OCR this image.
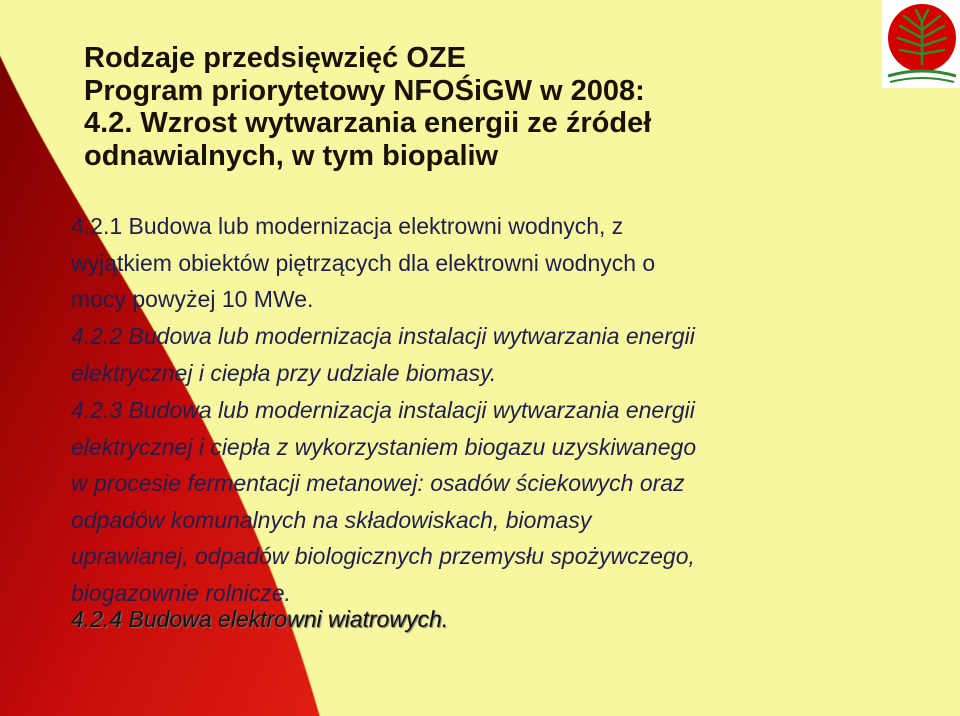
Rodzaje przedsięwzięć OZE
Program priorytetowy NFOŚiGW w 2008:
4.2. Wzrost wytwarzania energii ze źródeł
odnawialnych, w tym biopaliw

4.2.1 Budowa lub modernizacja elektrowni wodnych, z
wyjątkiem obiektów piętrzących dla elektrowni wodnych o
mocy powyżej 10 MWe.

4.2.2 Budowa lub modernizacja instalacji wytwarzania energii
elektrycznej i ciepła przy udziale biomasy.

4.2.3 Budowa lub modernizacja instalacji wytwarzania energii
elektrycznej i ciepła z wykorzystaniem biogazu uzyskiwanego
w procesie fermentacji metanowej: osadów ściekowych oraz
odpadów komunalnych na składowiskach, biomasy
uprawianej, odpadów biologicznych przemysłu spożywczego,
biogazownie rolnicze.

4.2.4 Budowa elektrowni wiatrowych.
